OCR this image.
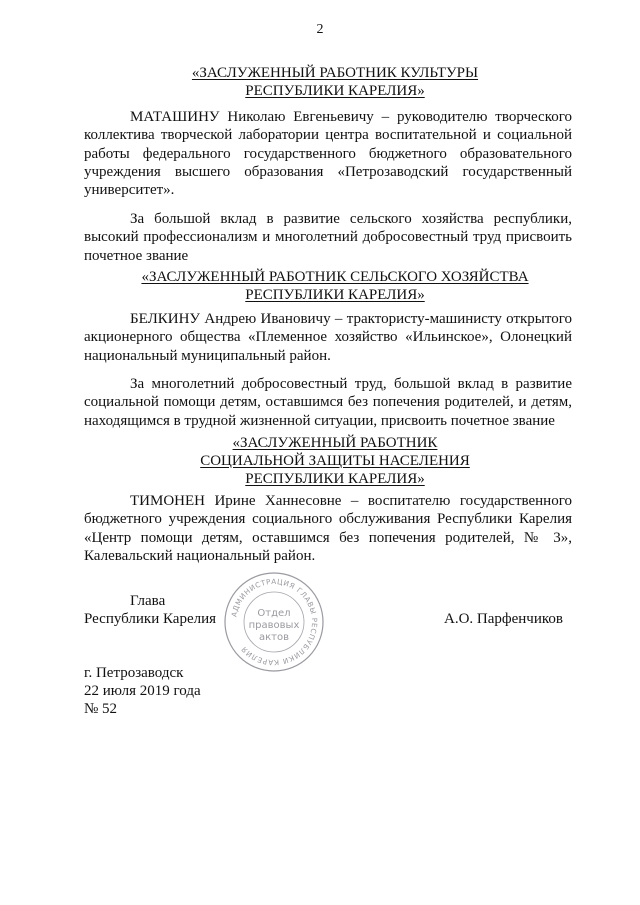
2
«ЗАСЛУЖЕННЫЙ РАБОТНИК КУЛЬТУРЫ
РЕСПУБЛИКИ КАРЕЛИЯ»

МАТАШИНУ Николаю Евгеньевичу – руководителю творческого коллектива творческой лаборатории центра воспитательной и социальной работы федерального государственного бюджетного образовательного учреждения высшего образования «Петрозаводский государственный университет».

За большой вклад в развитие сельского хозяйства республики, высокий профессионализм и многолетний добросовестный труд присвоить почетное звание

«ЗАСЛУЖЕННЫЙ РАБОТНИК СЕЛЬСКОГО ХОЗЯЙСТВА
РЕСПУБЛИКИ КАРЕЛИЯ»

БЕЛКИНУ Андрею Ивановичу – трактористу-машинисту открытого акционерного общества «Племенное хозяйство «Ильинское», Олонецкий национальный муниципальный район.

За многолетний добросовестный труд, большой вклад в развитие социальной помощи детям, оставшимся без попечения родителей, и детям, находящимся в трудной жизненной ситуации, присвоить почетное звание

«ЗАСЛУЖЕННЫЙ РАБОТНИК
СОЦИАЛЬНОЙ ЗАЩИТЫ НАСЕЛЕНИЯ
РЕСПУБЛИКИ КАРЕЛИЯ»

ТИМОНЕН Ирине Ханнесовне – воспитателю государственного бюджетного учреждения социального обслуживания Республики Карелия «Центр помощи детям, оставшимся без попечения родителей, № 3», Калевальский национальный район.

Глава
Республики Карелия	А.О. Парфенчиков
АДМИНИСТРАЦИЯ ГЛАВЫ РЕСПУБЛИКИ КАРЕЛИЯ
Отдел
правовых
актов
г. Петрозаводск
22 июля 2019 года
№ 52
